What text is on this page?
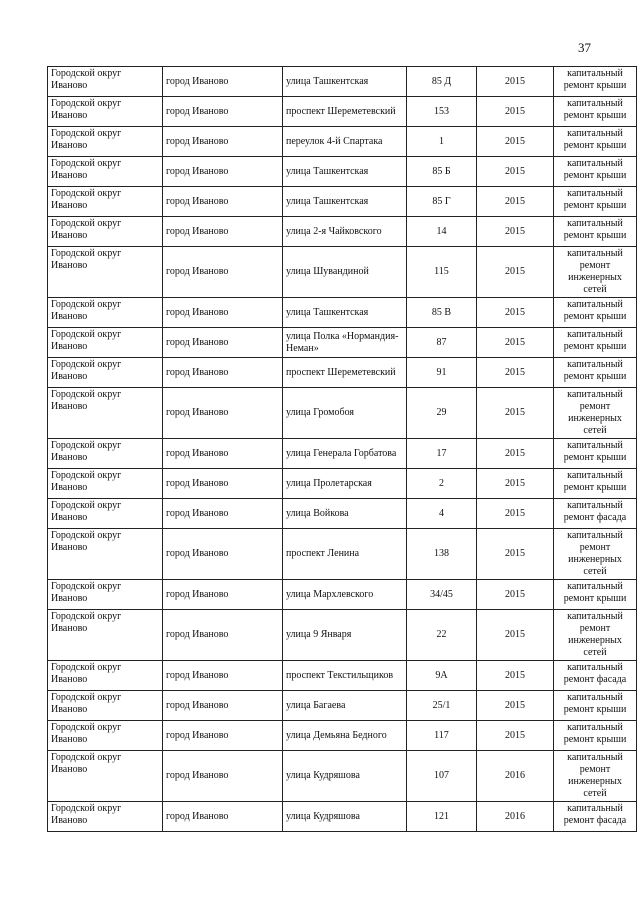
37
Городской округ Иваново	город Иваново	улица Ташкентская	85 Д	2015	капитальный ремонт крыши
Городской округ Иваново	город Иваново	проспект Шереметевский	153	2015	капитальный ремонт крыши
Городской округ Иваново	город Иваново	переулок 4-й Спартака	1	2015	капитальный ремонт крыши
Городской округ Иваново	город Иваново	улица Ташкентская	85 Б	2015	капитальный ремонт крыши
Городской округ Иваново	город Иваново	улица Ташкентская	85 Г	2015	капитальный ремонт крыши
Городской округ Иваново	город Иваново	улица 2-я Чайковского	14	2015	капитальный ремонт крыши
Городской округ Иваново	город Иваново	улица Шувандиной	115	2015	капитальный ремонт инженерных сетей
Городской округ Иваново	город Иваново	улица Ташкентская	85 В	2015	капитальный ремонт крыши
Городской округ Иваново	город Иваново	улица Полка «Нормандия-Неман»	87	2015	капитальный ремонт крыши
Городской округ Иваново	город Иваново	проспект Шереметевский	91	2015	капитальный ремонт крыши
Городской округ Иваново	город Иваново	улица Громобоя	29	2015	капитальный ремонт инженерных сетей
Городской округ Иваново	город Иваново	улица Генерала Горбатова	17	2015	капитальный ремонт крыши
Городской округ Иваново	город Иваново	улица Пролетарская	2	2015	капитальный ремонт крыши
Городской округ Иваново	город Иваново	улица Войкова	4	2015	капитальный ремонт фасада
Городской округ Иваново	город Иваново	проспект Ленина	138	2015	капитальный ремонт инженерных сетей
Городской округ Иваново	город Иваново	улица Мархлевского	34/45	2015	капитальный ремонт крыши
Городской округ Иваново	город Иваново	улица 9 Января	22	2015	капитальный ремонт инженерных сетей
Городской округ Иваново	город Иваново	проспект Текстильщиков	9А	2015	капитальный ремонт фасада
Городской округ Иваново	город Иваново	улица Багаева	25/1	2015	капитальный ремонт крыши
Городской округ Иваново	город Иваново	улица Демьяна Бедного	117	2015	капитальный ремонт крыши
Городской округ Иваново	город Иваново	улица Кудряшова	107	2016	капитальный ремонт инженерных сетей
Городской округ Иваново	город Иваново	улица Кудряшова	121	2016	капитальный ремонт фасада
